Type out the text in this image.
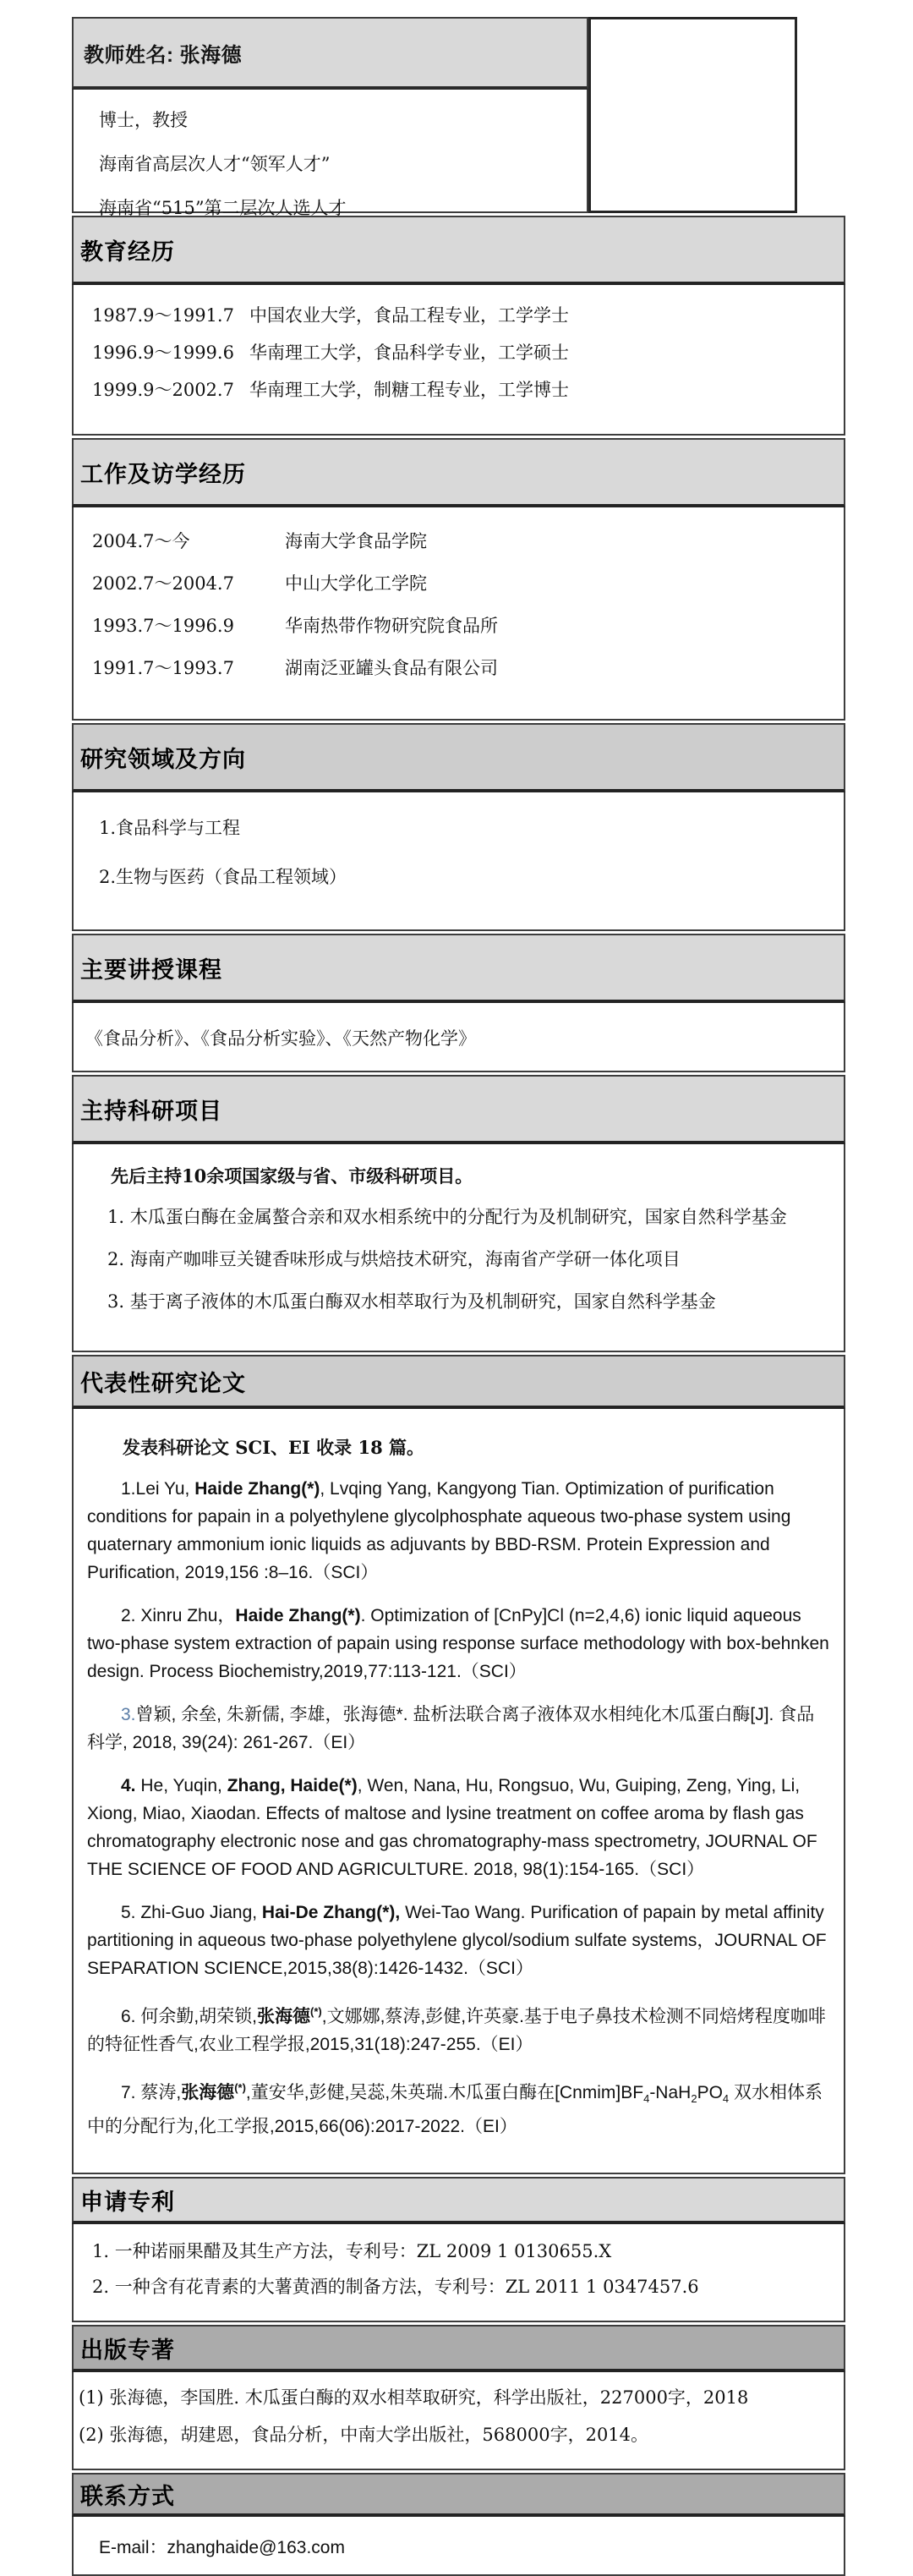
教师姓名: 张海德
博士，教授
海南省高层次人才“领军人才”
海南省“515”第二层次人选人才
教育经历
1987.9～1991.7 中国农业大学，食品工程专业，工学学士
1996.9～1999.6 华南理工大学，食品科学专业，工学硕士
1999.9～2002.7 华南理工大学，制糖工程专业，工学博士
工作及访学经历
2004.7～今	海南大学食品学院
2002.7～2004.7	中山大学化工学院
1993.7～1996.9	华南热带作物研究院食品所
1991.7～1993.7	湖南泛亚罐头食品有限公司
研究领域及方向
1.食品科学与工程
2.生物与医药（食品工程领域）
主要讲授课程
《食品分析》、《食品分析实验》、《天然产物化学》
主持科研项目
先后主持10余项国家级与省、市级科研项目。
1. 木瓜蛋白酶在金属螯合亲和双水相系统中的分配行为及机制研究，国家自然科学基金
2. 海南产咖啡豆关键香味形成与烘焙技术研究，海南省产学研一体化项目
3. 基于离子液体的木瓜蛋白酶双水相萃取行为及机制研究，国家自然科学基金
代表性研究论文
发表科研论文 SCI、EI 收录 18 篇。
1.Lei Yu, Haide Zhang(*), Lvqing Yang, Kangyong Tian. Optimization of purification conditions for papain in a polyethylene glycolphosphate aqueous two-phase system using quaternary ammonium ionic liquids as adjuvants by BBD-RSM. Protein Expression and Purification, 2019,156 :8–16.（SCI）
2. Xinru Zhu，Haide Zhang(*). Optimization of [CnPy]Cl (n=2,4,6) ionic liquid aqueous two-phase system extraction of papain using response surface methodology with box-behnken design. Process Biochemistry,2019,77:113-121.（SCI）
3.曾颖, 余垒, 朱新儒, 李雄，张海德*. 盐析法联合离子液体双水相纯化木瓜蛋白酶[J]. 食品科学, 2018, 39(24): 261-267.（EI）
4. He, Yuqin, Zhang, Haide(*), Wen, Nana, Hu, Rongsuo, Wu, Guiping, Zeng, Ying, Li, Xiong, Miao, Xiaodan. Effects of maltose and lysine treatment on coffee aroma by flash gas chromatography electronic nose and gas chromatography-mass spectrometry, JOURNAL OF THE SCIENCE OF FOOD AND AGRICULTURE. 2018, 98(1):154-165.（SCI）
5. Zhi-Guo Jiang, Hai-De Zhang(*), Wei-Tao Wang. Purification of papain by metal affinity partitioning in aqueous two-phase polyethylene glycol/sodium sulfate systems，JOURNAL OF SEPARATION SCIENCE,2015,38(8):1426-1432.（SCI）
6. 何余勤,胡荣锁,张海德(*),文娜娜,蔡涛,彭健,许英豪.基于电子鼻技术检测不同焙烤程度咖啡的特征性香气,农业工程学报,2015,31(18):247-255.（EI）
7. 蔡涛,张海德(*),董安华,彭健,吴蕊,朱英瑞.木瓜蛋白酶在$[Cnmim]BF_4-NaH_2PO_4$ 双水相体系中的分配行为,化工学报,2015,66(06):2017-2022.（EI）
申请专利
1. 一种诺丽果醋及其生产方法，专利号：ZL 2009 1 0130655.X
2. 一种含有花青素的大薯黄酒的制备方法，专利号：ZL 2011 1 0347457.6
出版专著
(1) 张海德，李国胜. 木瓜蛋白酶的双水相萃取研究，科学出版社，227000字，2018
(2) 张海德，胡建恩，食品分析，中南大学出版社，568000字，2014。
联系方式
E-mail：zhanghaide@163.com
